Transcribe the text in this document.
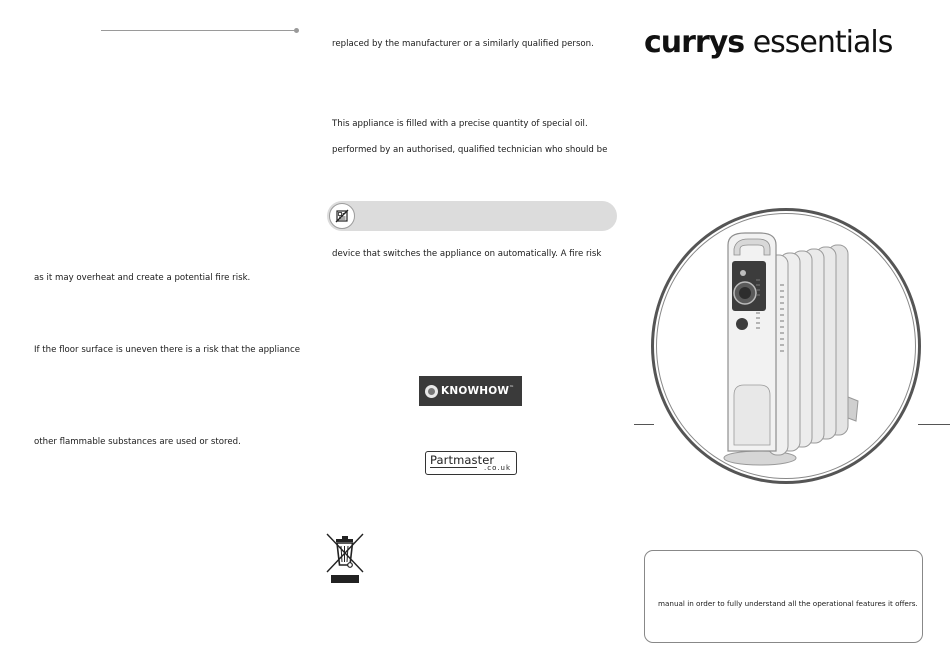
as it may overheat and create a potential fire risk.
If the floor surface is uneven there is a risk that the appliance
other flammable substances are used or stored.
replaced by the manufacturer or a similarly qualified person.
This appliance is filled with a precise quantity of special oil.
performed by an authorised, qualified technician who should be
device that switches the appliance on automatically. A fire risk
KNOWHOW ™
Partmaster
.co.uk
currys essentials
manual in order to fully understand all the operational features it offers.
